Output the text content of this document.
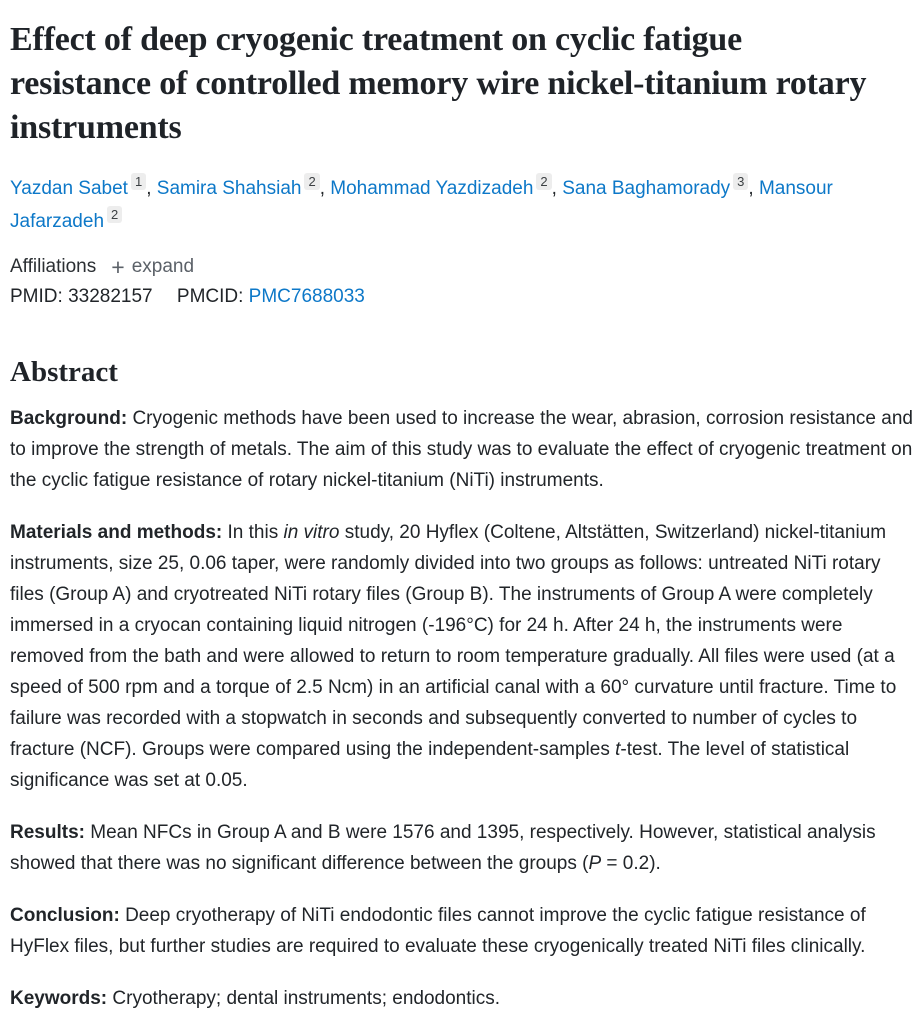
Effect of deep cryogenic treatment on cyclic fatigue resistance of controlled memory wire nickel-titanium rotary instruments
Yazdan Sabet 1 , Samira Shahsiah 2 , Mohammad Yazdizadeh 2 , Sana Baghamorady 3 , Mansour Jafarzadeh 2
Affiliations + expand
PMID: 33282157 PMCID: PMC7688033
Abstract

Background: Cryogenic methods have been used to increase the wear, abrasion, corrosion resistance and to improve the strength of metals. The aim of this study was to evaluate the effect of cryogenic treatment on the cyclic fatigue resistance of rotary nickel-titanium (NiTi) instruments.

Materials and methods: In this in vitro study, 20 Hyflex (Coltene, Altstätten, Switzerland) nickel-titanium instruments, size 25, 0.06 taper, were randomly divided into two groups as follows: untreated NiTi rotary files (Group A) and cryotreated NiTi rotary files (Group B). The instruments of Group A were completely immersed in a cryocan containing liquid nitrogen (-196°C) for 24 h. After 24 h, the instruments were removed from the bath and were allowed to return to room temperature gradually. All files were used (at a speed of 500 rpm and a torque of 2.5 Ncm) in an artificial canal with a 60° curvature until fracture. Time to failure was recorded with a stopwatch in seconds and subsequently converted to number of cycles to fracture (NCF). Groups were compared using the independent-samples t-test. The level of statistical significance was set at 0.05.

Results: Mean NFCs in Group A and B were 1576 and 1395, respectively. However, statistical analysis showed that there was no significant difference between the groups (P = 0.2).

Conclusion: Deep cryotherapy of NiTi endodontic files cannot improve the cyclic fatigue resistance of HyFlex files, but further studies are required to evaluate these cryogenically treated NiTi files clinically.

Keywords: Cryotherapy; dental instruments; endodontics.
